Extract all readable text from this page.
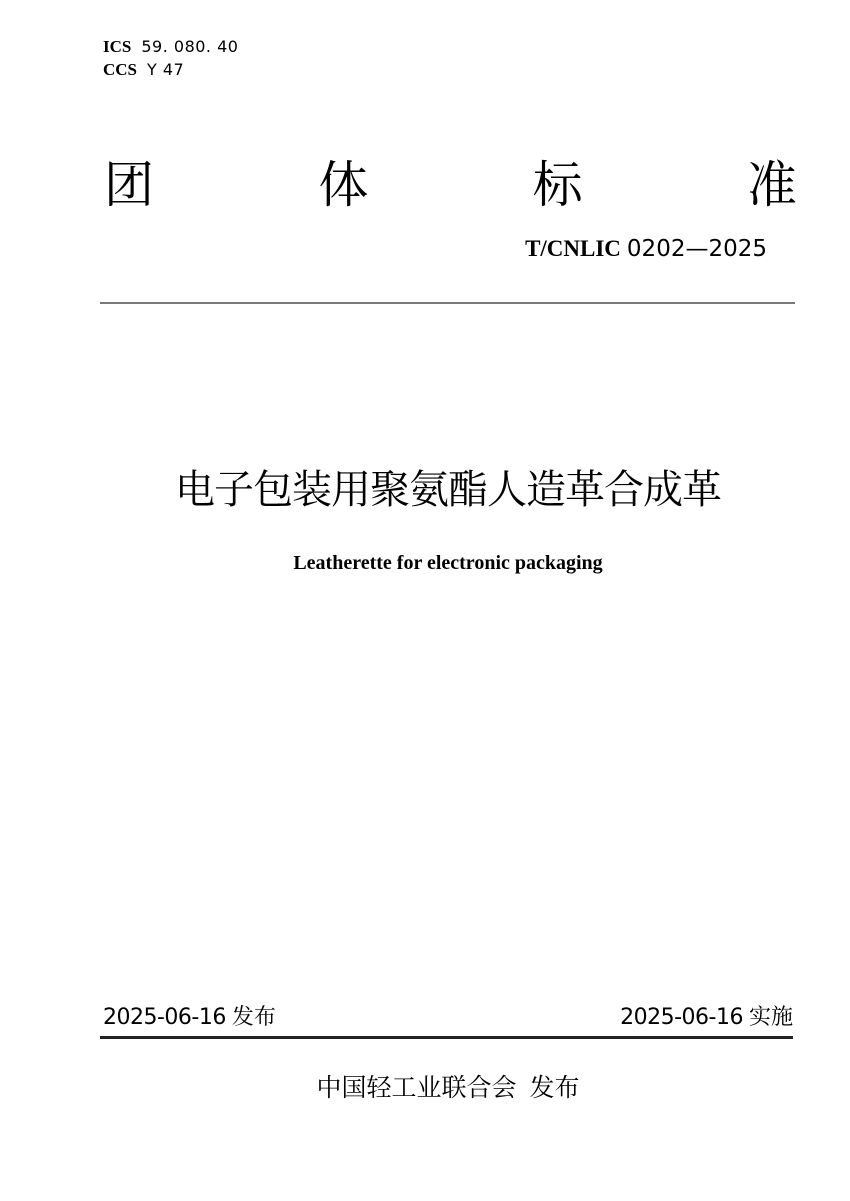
ICS 59. 080. 40
CCS Y 47
团	体	标	准
T/CNLIC 0202—2025
电子包装用聚氨酯人造革合成革
Leatherette for electronic packaging
2025-06-16 发布	2025-06-16 实施
中国轻工业联合会 发布
